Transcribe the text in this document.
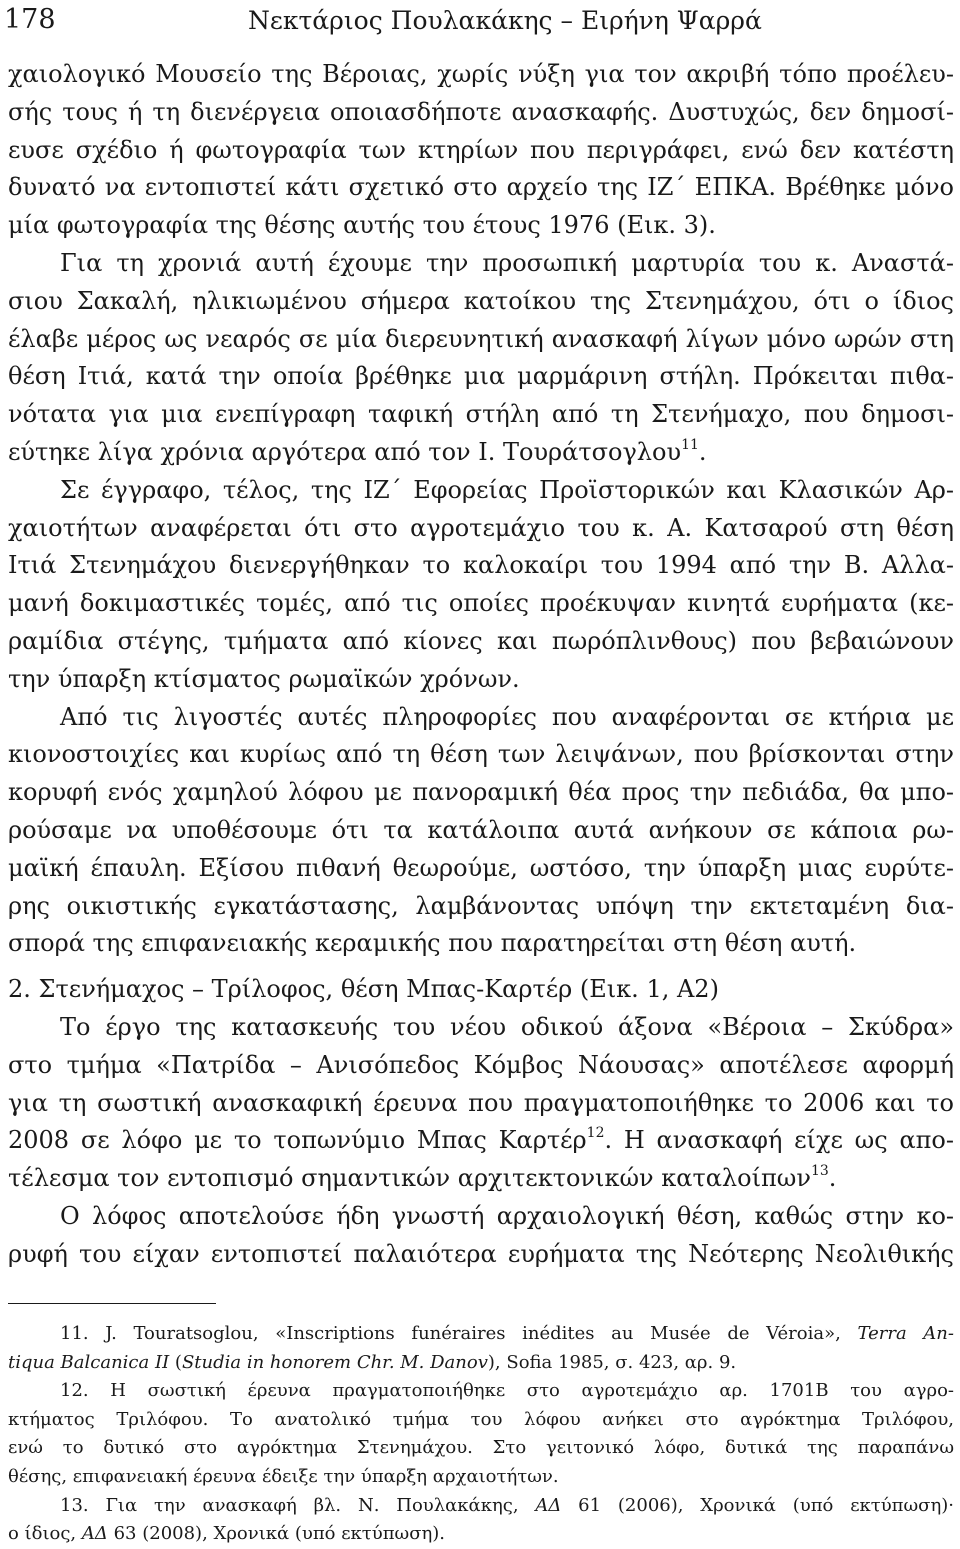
178	Νεκτάριος Πουλακάκης – Ειρήνη Ψαρρά
χαιολογικό Μουσείο της Βέροιας, χωρίς νύξη για τον ακριβή τόπο προέλευ-
σής τους ή τη διενέργεια οποιασδήποτε ανασκαφής. Δυστυχώς, δεν δημοσί-
ευσε σχέδιο ή φωτογραφία των κτηρίων που περιγράφει, ενώ δεν κατέστη
δυνατό να εντοπιστεί κάτι σχετικό στο αρχείο της ΙΖ΄ ΕΠΚΑ. Βρέθηκε μόνο
μία φωτογραφία της θέσης αυτής του έτους 1976 (Εικ. 3).
Για τη χρονιά αυτή έχουμε την προσωπική μαρτυρία του κ. Αναστά-
σιου Σακαλή, ηλικιωμένου σήμερα κατοίκου της Στενημάχου, ότι ο ίδιος
έλαβε μέρος ως νεαρός σε μία διερευνητική ανασκαφή λίγων μόνο ωρών στη
θέση Ιτιά, κατά την οποία βρέθηκε μια μαρμάρινη στήλη. Πρόκειται πιθα-
νότατα για μια ενεπίγραφη ταφική στήλη από τη Στενήμαχο, που δημοσι-
εύτηκε λίγα χρόνια αργότερα από τον Ι. Τουράτσογλου$^{11}$.
Σε έγγραφο, τέλος, της ΙΖ΄ Εφορείας Προϊστορικών και Κλασικών Αρ-
χαιοτήτων αναφέρεται ότι στο αγροτεμάχιο του κ. Α. Κατσαρού στη θέση
Ιτιά Στενημάχου διενεργήθηκαν το καλοκαίρι του 1994 από την Β. Αλλα-
μανή δοκιμαστικές τομές, από τις οποίες προέκυψαν κινητά ευρήματα (κε-
ραμίδια στέγης, τμήματα από κίονες και πωρόπλινθους) που βεβαιώνουν
την ύπαρξη κτίσματος ρωμαϊκών χρόνων.
Από τις λιγοστές αυτές πληροφορίες που αναφέρονται σε κτήρια με
κιονοστοιχίες και κυρίως από τη θέση των λειψάνων, που βρίσκονται στην
κορυφή ενός χαμηλού λόφου με πανοραμική θέα προς την πεδιάδα, θα μπο-
ρούσαμε να υποθέσουμε ότι τα κατάλοιπα αυτά ανήκουν σε κάποια ρω-
μαϊκή έπαυλη. Εξίσου πιθανή θεωρούμε, ωστόσο, την ύπαρξη μιας ευρύτε-
ρης οικιστικής εγκατάστασης, λαμβάνοντας υπόψη την εκτεταμένη δια-
σπορά της επιφανειακής κεραμικής που παρατηρείται στη θέση αυτή.
2. Στενήμαχος – Τρίλοφος, θέση Μπας-Καρτέρ (Εικ. 1, Α2)
Το έργο της κατασκευής του νέου οδικού άξονα «Βέροια – Σκύδρα»
στο τμήμα «Πατρίδα – Ανισόπεδος Κόμβος Νάουσας» αποτέλεσε αφορμή
για τη σωστική ανασκαφική έρευνα που πραγματοποιήθηκε το 2006 και το
2008 σε λόφο με το τοπωνύμιο Μπας Καρτέρ$^{12}$. Η ανασκαφή είχε ως απο-
τέλεσμα τον εντοπισμό σημαντικών αρχιτεκτονικών καταλοίπων$^{13}$.
Ο λόφος αποτελούσε ήδη γνωστή αρχαιολογική θέση, καθώς στην κο-
ρυφή του είχαν εντοπιστεί παλαιότερα ευρήματα της Νεότερης Νεολιθικής
11. J. Touratsoglou, «Inscriptions funéraires inédites au Musée de Véroia», Terra An-
tiqua Balcanica II (Studia in honorem Chr. M. Danov), Sofia 1985, σ. 423, αρ. 9.
12. Η σωστική έρευνα πραγματοποιήθηκε στο αγροτεμάχιο αρ. 1701Β του αγρο-
κτήματος Τριλόφου. Το ανατολικό τμήμα του λόφου ανήκει στο αγρόκτημα Τριλόφου,
ενώ το δυτικό στο αγρόκτημα Στενημάχου. Στο γειτονικό λόφο, δυτικά της παραπάνω
θέσης, επιφανειακή έρευνα έδειξε την ύπαρξη αρχαιοτήτων.
13. Για την ανασκαφή βλ. Ν. Πουλακάκης, ΑΔ 61 (2006), Χρονικά (υπό εκτύπωση)·
ο ίδιος, ΑΔ 63 (2008), Χρονικά (υπό εκτύπωση).
